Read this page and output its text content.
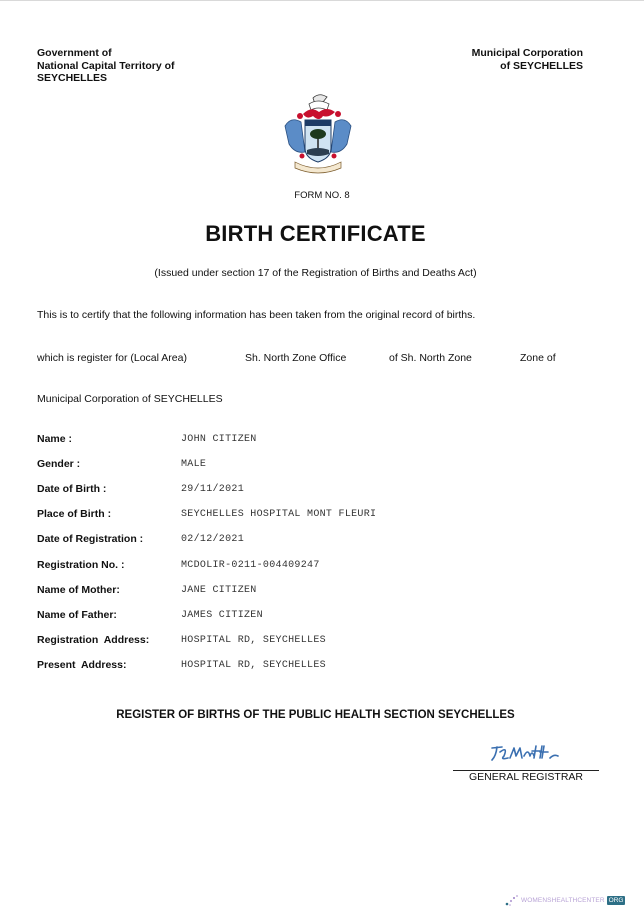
Government of
National Capital Territory of
SEYCHELLES
Municipal Corporation
of SEYCHELLES
FORM NO. 8
BIRTH CERTIFICATE
(Issued under section 17 of the Registration of Births and Deaths Act)
This is to certify that the following information has been taken from the original record of births.
which is register for (Local Area)	Sh. North Zone Office	of Sh. North Zone	Zone of
Municipal Corporation of SEYCHELLES
Name :	JOHN CITIZEN
Gender :	MALE
Date of Birth :	29/11/2021
Place of Birth :	SEYCHELLES HOSPITAL MONT FLEURI
Date of Registration :	02/12/2021
Registration No. :	MCDOLIR-0211-004409247
Name of Mother:	JANE CITIZEN
Name of Father:	JAMES CITIZEN
Registration  Address:	HOSPITAL RD, SEYCHELLES
Present  Address:	HOSPITAL RD, SEYCHELLES
REGISTER OF BIRTHS OF THE PUBLIC HEALTH SECTION SEYCHELLES
GENERAL REGISTRAR
WOMENSHEALTHCENTER ORG
